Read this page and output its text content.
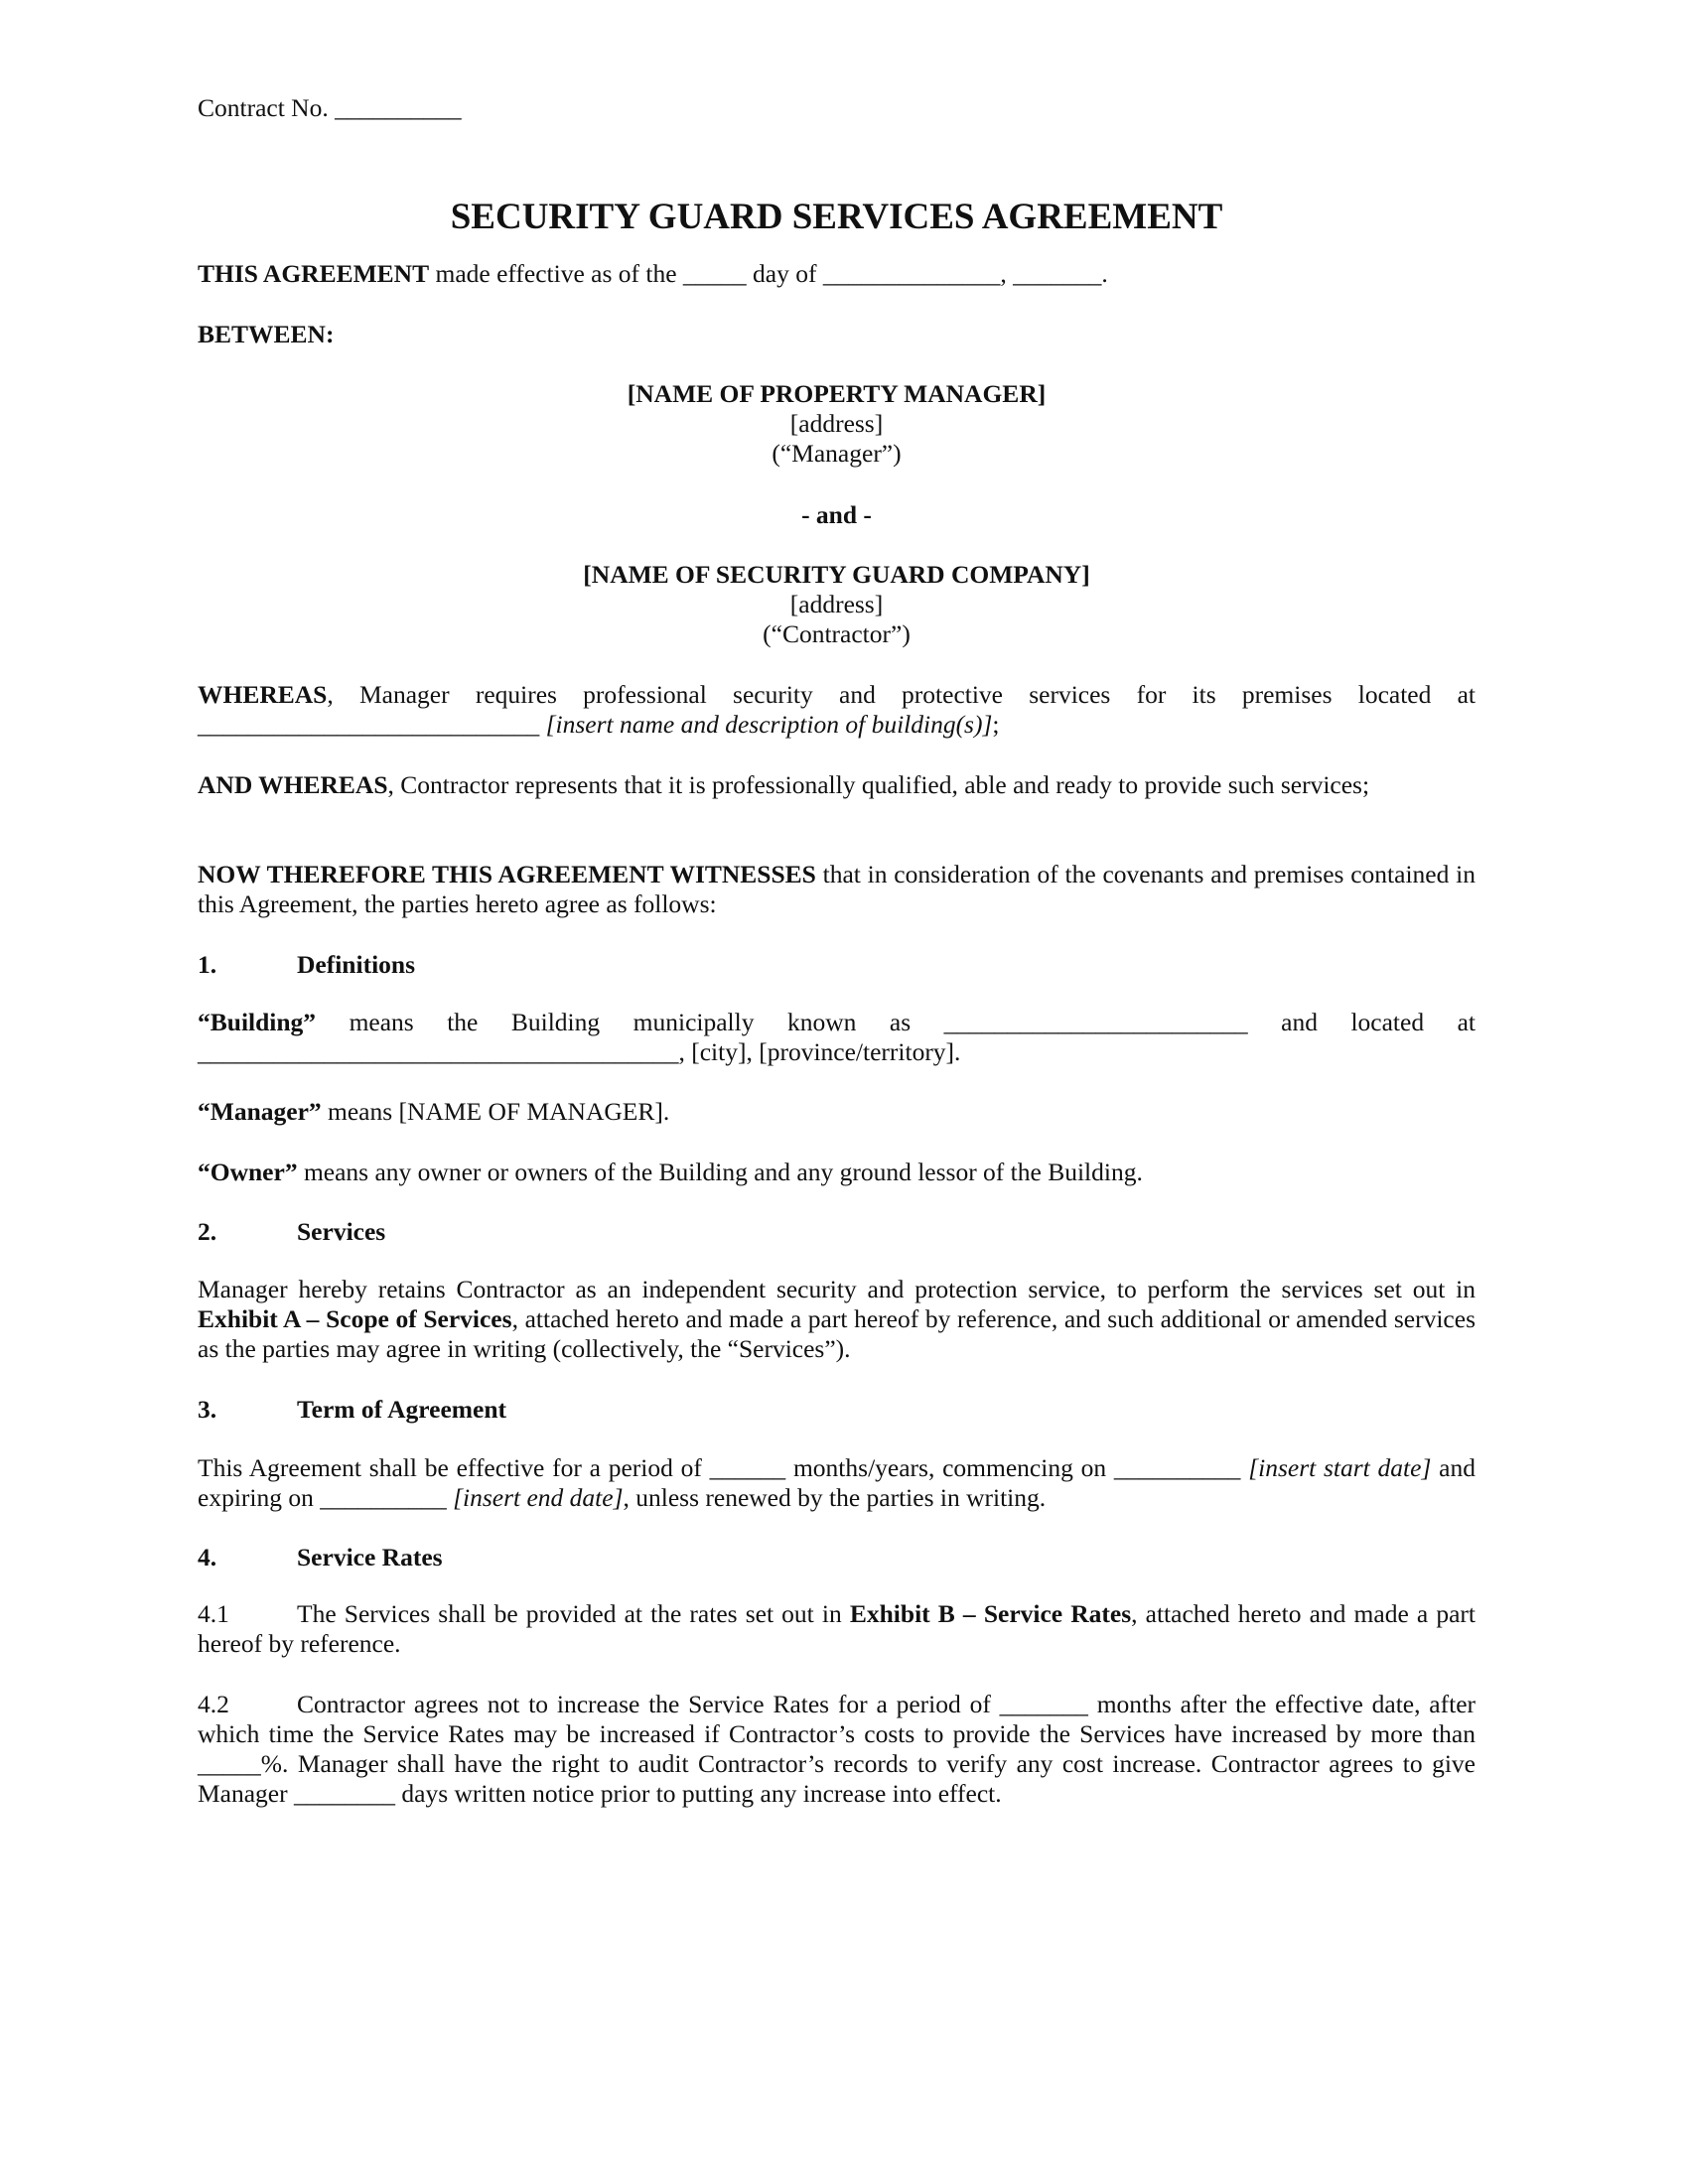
Contract No. __________
SECURITY GUARD SERVICES AGREEMENT
THIS AGREEMENT made effective as of the _____ day of ______________, _______.
BETWEEN:
[NAME OF PROPERTY MANAGER]
[address]
(“Manager”)
- and -
[NAME OF SECURITY GUARD COMPANY]
[address]
(“Contractor”)
WHEREAS, Manager requires professional security and protective services for its premises located at ___________________________ [insert name and description of building(s)];
AND WHEREAS, Contractor represents that it is professionally qualified, able and ready to provide such services;
NOW THEREFORE THIS AGREEMENT WITNESSES that in consideration of the covenants and premises contained in this Agreement, the parties hereto agree as follows:
1.	Definitions
“Building” means the Building municipally known as ________________________ and located at ______________________________________, [city], [province/territory].
“Manager” means [NAME OF MANAGER].
“Owner” means any owner or owners of the Building and any ground lessor of the Building.
2.	Services
Manager hereby retains Contractor as an independent security and protection service, to perform the services set out in Exhibit A – Scope of Services, attached hereto and made a part hereof by reference, and such additional or amended services as the parties may agree in writing (collectively, the “Services”).
3.	Term of Agreement
This Agreement shall be effective for a period of ______ months/years, commencing on __________ [insert start date] and expiring on __________ [insert end date], unless renewed by the parties in writing.
4.	Service Rates
4.1	The Services shall be provided at the rates set out in Exhibit B – Service Rates, attached hereto and made a part hereof by reference.
4.2	Contractor agrees not to increase the Service Rates for a period of _______ months after the effective date, after which time the Service Rates may be increased if Contractor’s costs to provide the Services have increased by more than _____%. Manager shall have the right to audit Contractor’s records to verify any cost increase. Contractor agrees to give Manager ________ days written notice prior to putting any increase into effect.
